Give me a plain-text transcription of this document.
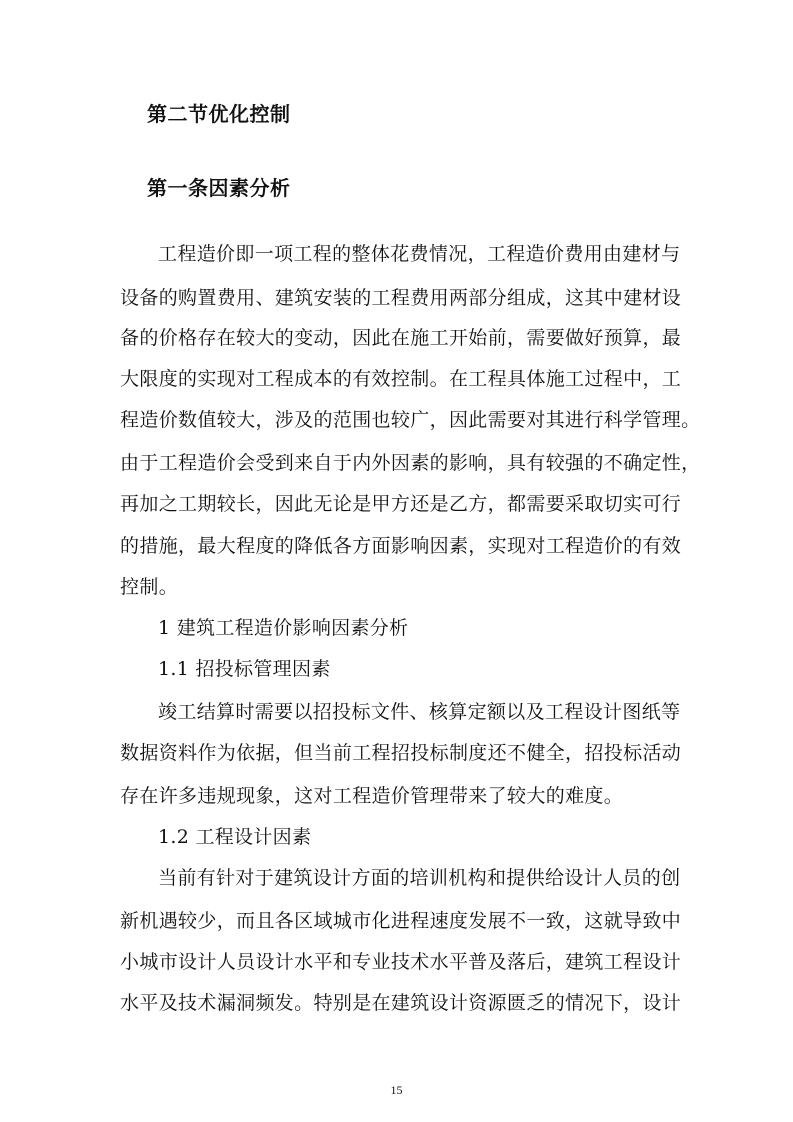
第二节优化控制
第一条因素分析
工程造价即一项工程的整体花费情况，工程造价费用由建材与
设备的购置费用、建筑安装的工程费用两部分组成，这其中建材设
备的价格存在较大的变动，因此在施工开始前，需要做好预算，最
大限度的实现对工程成本的有效控制。在工程具体施工过程中，工
程造价数值较大，涉及的范围也较广，因此需要对其进行科学管理。
由于工程造价会受到来自于内外因素的影响，具有较强的不确定性，
再加之工期较长，因此无论是甲方还是乙方，都需要采取切实可行
的措施，最大程度的降低各方面影响因素，实现对工程造价的有效
控制。
1 建筑工程造价影响因素分析
1.1 招投标管理因素
竣工结算时需要以招投标文件、核算定额以及工程设计图纸等
数据资料作为依据，但当前工程招投标制度还不健全，招投标活动
存在许多违规现象，这对工程造价管理带来了较大的难度。
1.2 工程设计因素
当前有针对于建筑设计方面的培训机构和提供给设计人员的创
新机遇较少，而且各区域城市化进程速度发展不一致，这就导致中
小城市设计人员设计水平和专业技术水平普及落后，建筑工程设计
水平及技术漏洞频发。特别是在建筑设计资源匮乏的情况下，设计
15
